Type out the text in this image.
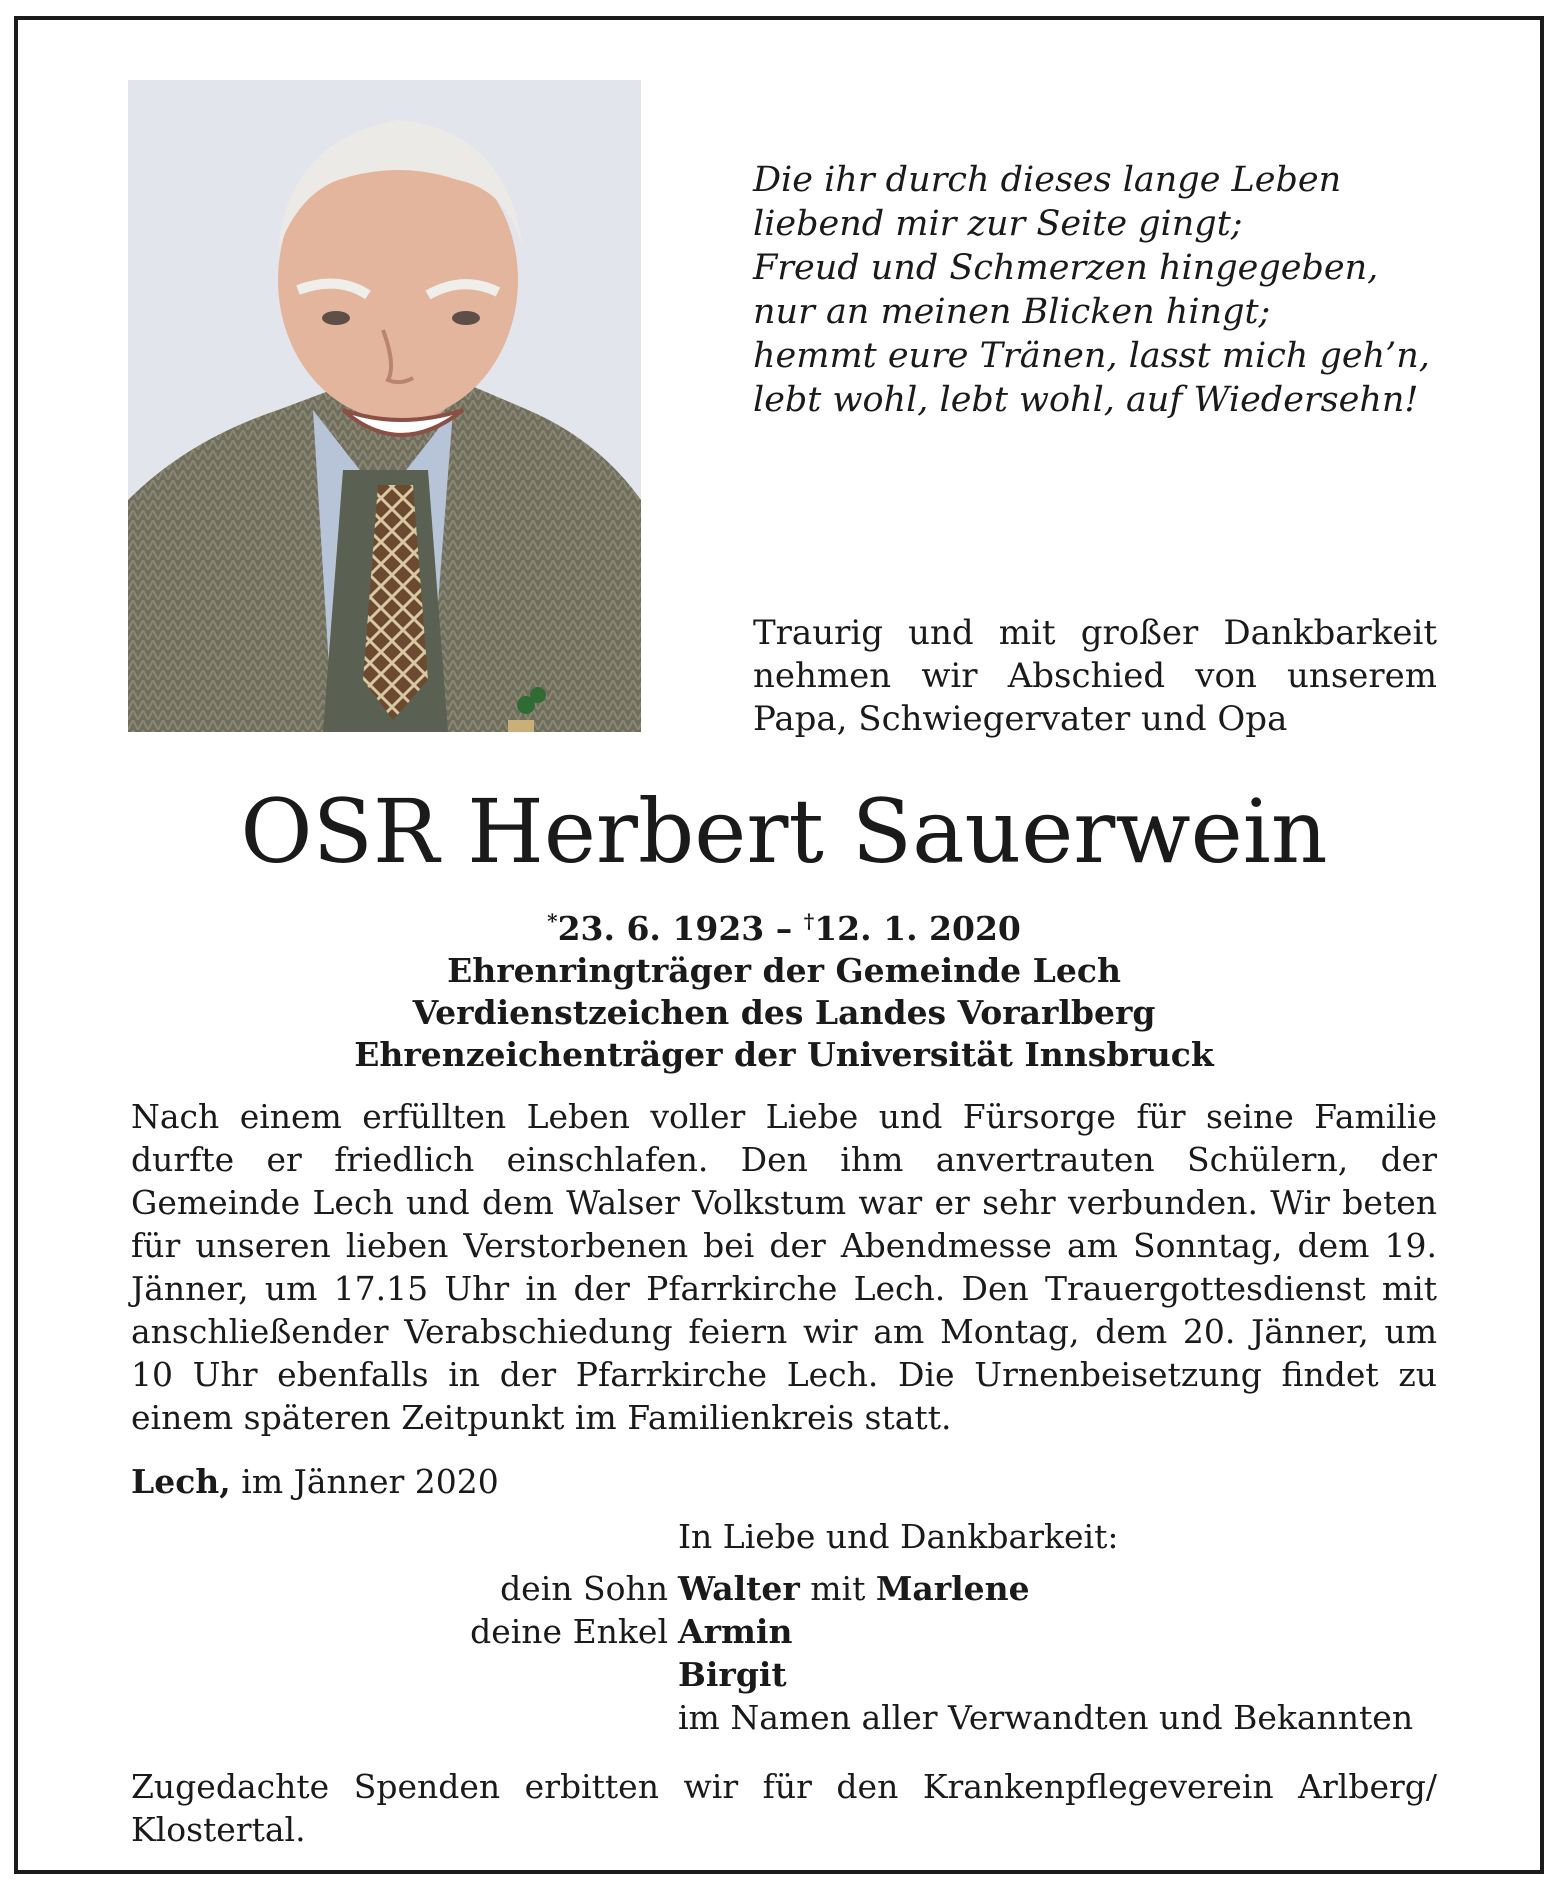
Die ihr durch dieses lange Leben
liebend mir zur Seite gingt;
Freud und Schmerzen hingegeben,
nur an meinen Blicken hingt;
hemmt eure Tränen, lasst mich geh’n,
lebt wohl, lebt wohl, auf Wiedersehn!
Traurig und mit großer Dankbarkeit nehmen wir Abschied von unserem Papa, Schwiegervater und Opa
OSR Herbert Sauerwein
*23. 6. 1923 – †12. 1. 2020
Ehrenringträger der Gemeinde Lech
Verdienstzeichen des Landes Vorarlberg
Ehrenzeichenträger der Universität Innsbruck
Nach einem erfüllten Leben voller Liebe und Fürsorge für seine Familie durfte er friedlich einschlafen. Den ihm anvertrauten Schülern, der Gemeinde Lech und dem Walser Volkstum war er sehr verbunden. Wir beten für unseren lieben Verstorbenen bei der Abendmesse am Sonntag, dem 19. Jänner, um 17.15 Uhr in der Pfarrkirche Lech. Den Trauergottesdienst mit anschließender Verabschiedung feiern wir am Montag, dem 20. Jänner, um 10 Uhr ebenfalls in der Pfarrkirche Lech. Die Urnenbeisetzung findet zu einem späteren Zeitpunkt im Familienkreis statt.
Lech, im Jänner 2020
In Liebe und Dankbarkeit:
dein Sohn Walter mit Marlene
deine Enkel Armin
Birgit
im Namen aller Verwandten und Bekannten
Zugedachte Spenden erbitten wir für den Krankenpflegeverein Arlberg/ Klostertal.
